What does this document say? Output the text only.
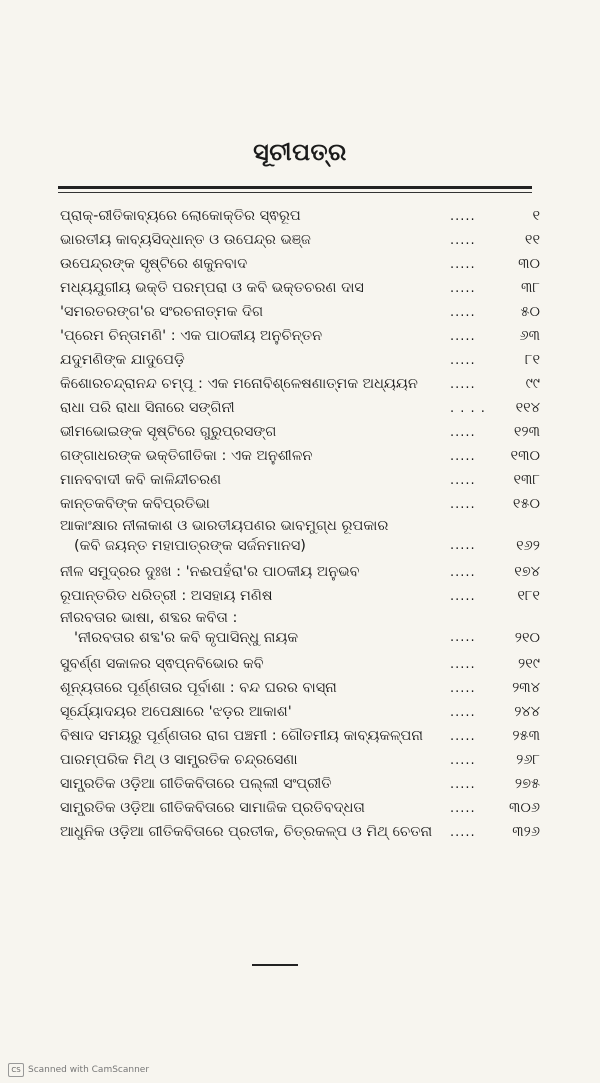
ସୂଚୀପତ୍ର
ପ୍ରାକ୍-ରୀତିକାବ୍ୟରେ ଲୋକୋକ୍ତିର ସ୍ଵରୂପ	.....	୧
ଭାରତୀୟ କାବ୍ୟସିଦ୍ଧାନ୍ତ ଓ ଉପେନ୍ଦ୍ର ଭଞ୍ଜ	.....	୧୧
ଉପେନ୍ଦ୍ରଙ୍କ ସୃଷ୍ଟିରେ ଶକୁନବାଦ	.....	୩୦
ମଧ୍ୟଯୁଗୀୟ ଭକ୍ତି ପରମ୍ପରା ଓ କବି ଭକ୍ତଚରଣ ଦାସ	.....	୩୮
'ସମରତରଙ୍ଗ'ର ସଂରଚନାତ୍ମକ ଦିଗ	.....	୫୦
'ପ୍ରେମ ଚିନ୍ତାମଣି' : ଏକ ପାଠକୀୟ ଅନୁଚିନ୍ତନ	.....	୬୩
ଯଦୁମଣିଙ୍କ ଯାଦୁପେଡ଼ି	.....	୮୧
କିଶୋରଚନ୍ଦ୍ରାନନ୍ଦ ଚମ୍ପୂ : ଏକ ମନୋବିଶ୍ଳେଷଣାତ୍ମକ ଅଧ୍ୟୟନ	.....	୯୯
ରାଧା ପରି ରାଧା ସିନାରେ ସଙ୍ଗିନୀ	. . . .	୧୧୪
ଭୀମଭୋଇଙ୍କ ସୃଷ୍ଟିରେ ଗୁରୁପ୍ରସଙ୍ଗ	.....	୧୨୩
ଗଙ୍ଗାଧରଙ୍କ ଭକ୍ତିଗୀତିକା : ଏକ ଅନୁଶୀଳନ	.....	୧୩୦
ମାନବବାଦୀ କବି କାଳିନ୍ଦୀଚରଣ	.....	୧୩୮
କାନ୍ତକବିଙ୍କ କବିପ୍ରତିଭା	.....	୧୫୦
ଆକାଂକ୍ଷାର ନୀଳାକାଶ ଓ ଭାରତୀୟପଣର ଭାବମୁଗ୍ଧ ରୂପକାର
(କବି ଜୟନ୍ତ ମହାପାତ୍ରଙ୍କ ସର୍ଜନମାନସ)	.....	୧୬୨
ନୀଳ ସମୁଦ୍ରର ଦୁଃଖ : 'ନଈପହଁରା'ର ପାଠକୀୟ ଅନୁଭବ	.....	୧୭୪
ରୂପାନ୍ତରିତ ଧରିତ୍ରୀ : ଅସହାୟ ମଣିଷ	.....	୧୮୧
ନୀରବତାର ଭାଷା, ଶବ୍ଦର କବିତା :
'ନୀରବତାର ଶବ୍ଦ'ର କବି କୃପାସିନ୍ଧୁ ନାୟକ	.....	୨୧୦
ସୁବର୍ଣ୍ଣ ସକାଳର ସ୍ଵପ୍ନବିଭୋର କବି	.....	୨୧୯
ଶୂନ୍ୟତାରେ ପୂର୍ଣ୍ଣତାର ପୂର୍ବାଶା : ବନ୍ଦ ଘରର ବାସ୍ନା	.....	୨୩୪
ସୂର୍ଯ୍ୟୋଦୟର ଅପେକ୍ଷାରେ 'ଝଡ଼ର ଆକାଶ'	.....	୨୪୪
ବିଷାଦ ସମୟରୁ ପୂର୍ଣ୍ଣତାର ରାଗ ପଞ୍ଚମୀ : ଗୌତମୀୟ କାବ୍ୟକଳ୍ପନା	.....	୨୫୩
ପାରମ୍ପରିକ ମିଥ୍ ଓ ସାମ୍ପ୍ରତିକ ଚନ୍ଦ୍ରସେଣା	.....	୨୬୮
ସାମ୍ପ୍ରତିକ ଓଡ଼ିଆ ଗୀତିକବିତାରେ ପଲ୍ଲୀ ସଂପ୍ରୀତି	.....	୨୭୫
ସାମ୍ପ୍ରତିକ ଓଡ଼ିଆ ଗୀତିକବିତାରେ ସାମାଜିକ ପ୍ରତିବଦ୍ଧତା	.....	୩୦୬
ଆଧୁନିକ ଓଡ଼ିଆ ଗୀତିକବିତାରେ ପ୍ରତୀକ, ଚିତ୍ରକଳ୍ପ ଓ ମିଥ୍ ଚେତନା	.....	୩୨୬
CS Scanned with CamScanner
